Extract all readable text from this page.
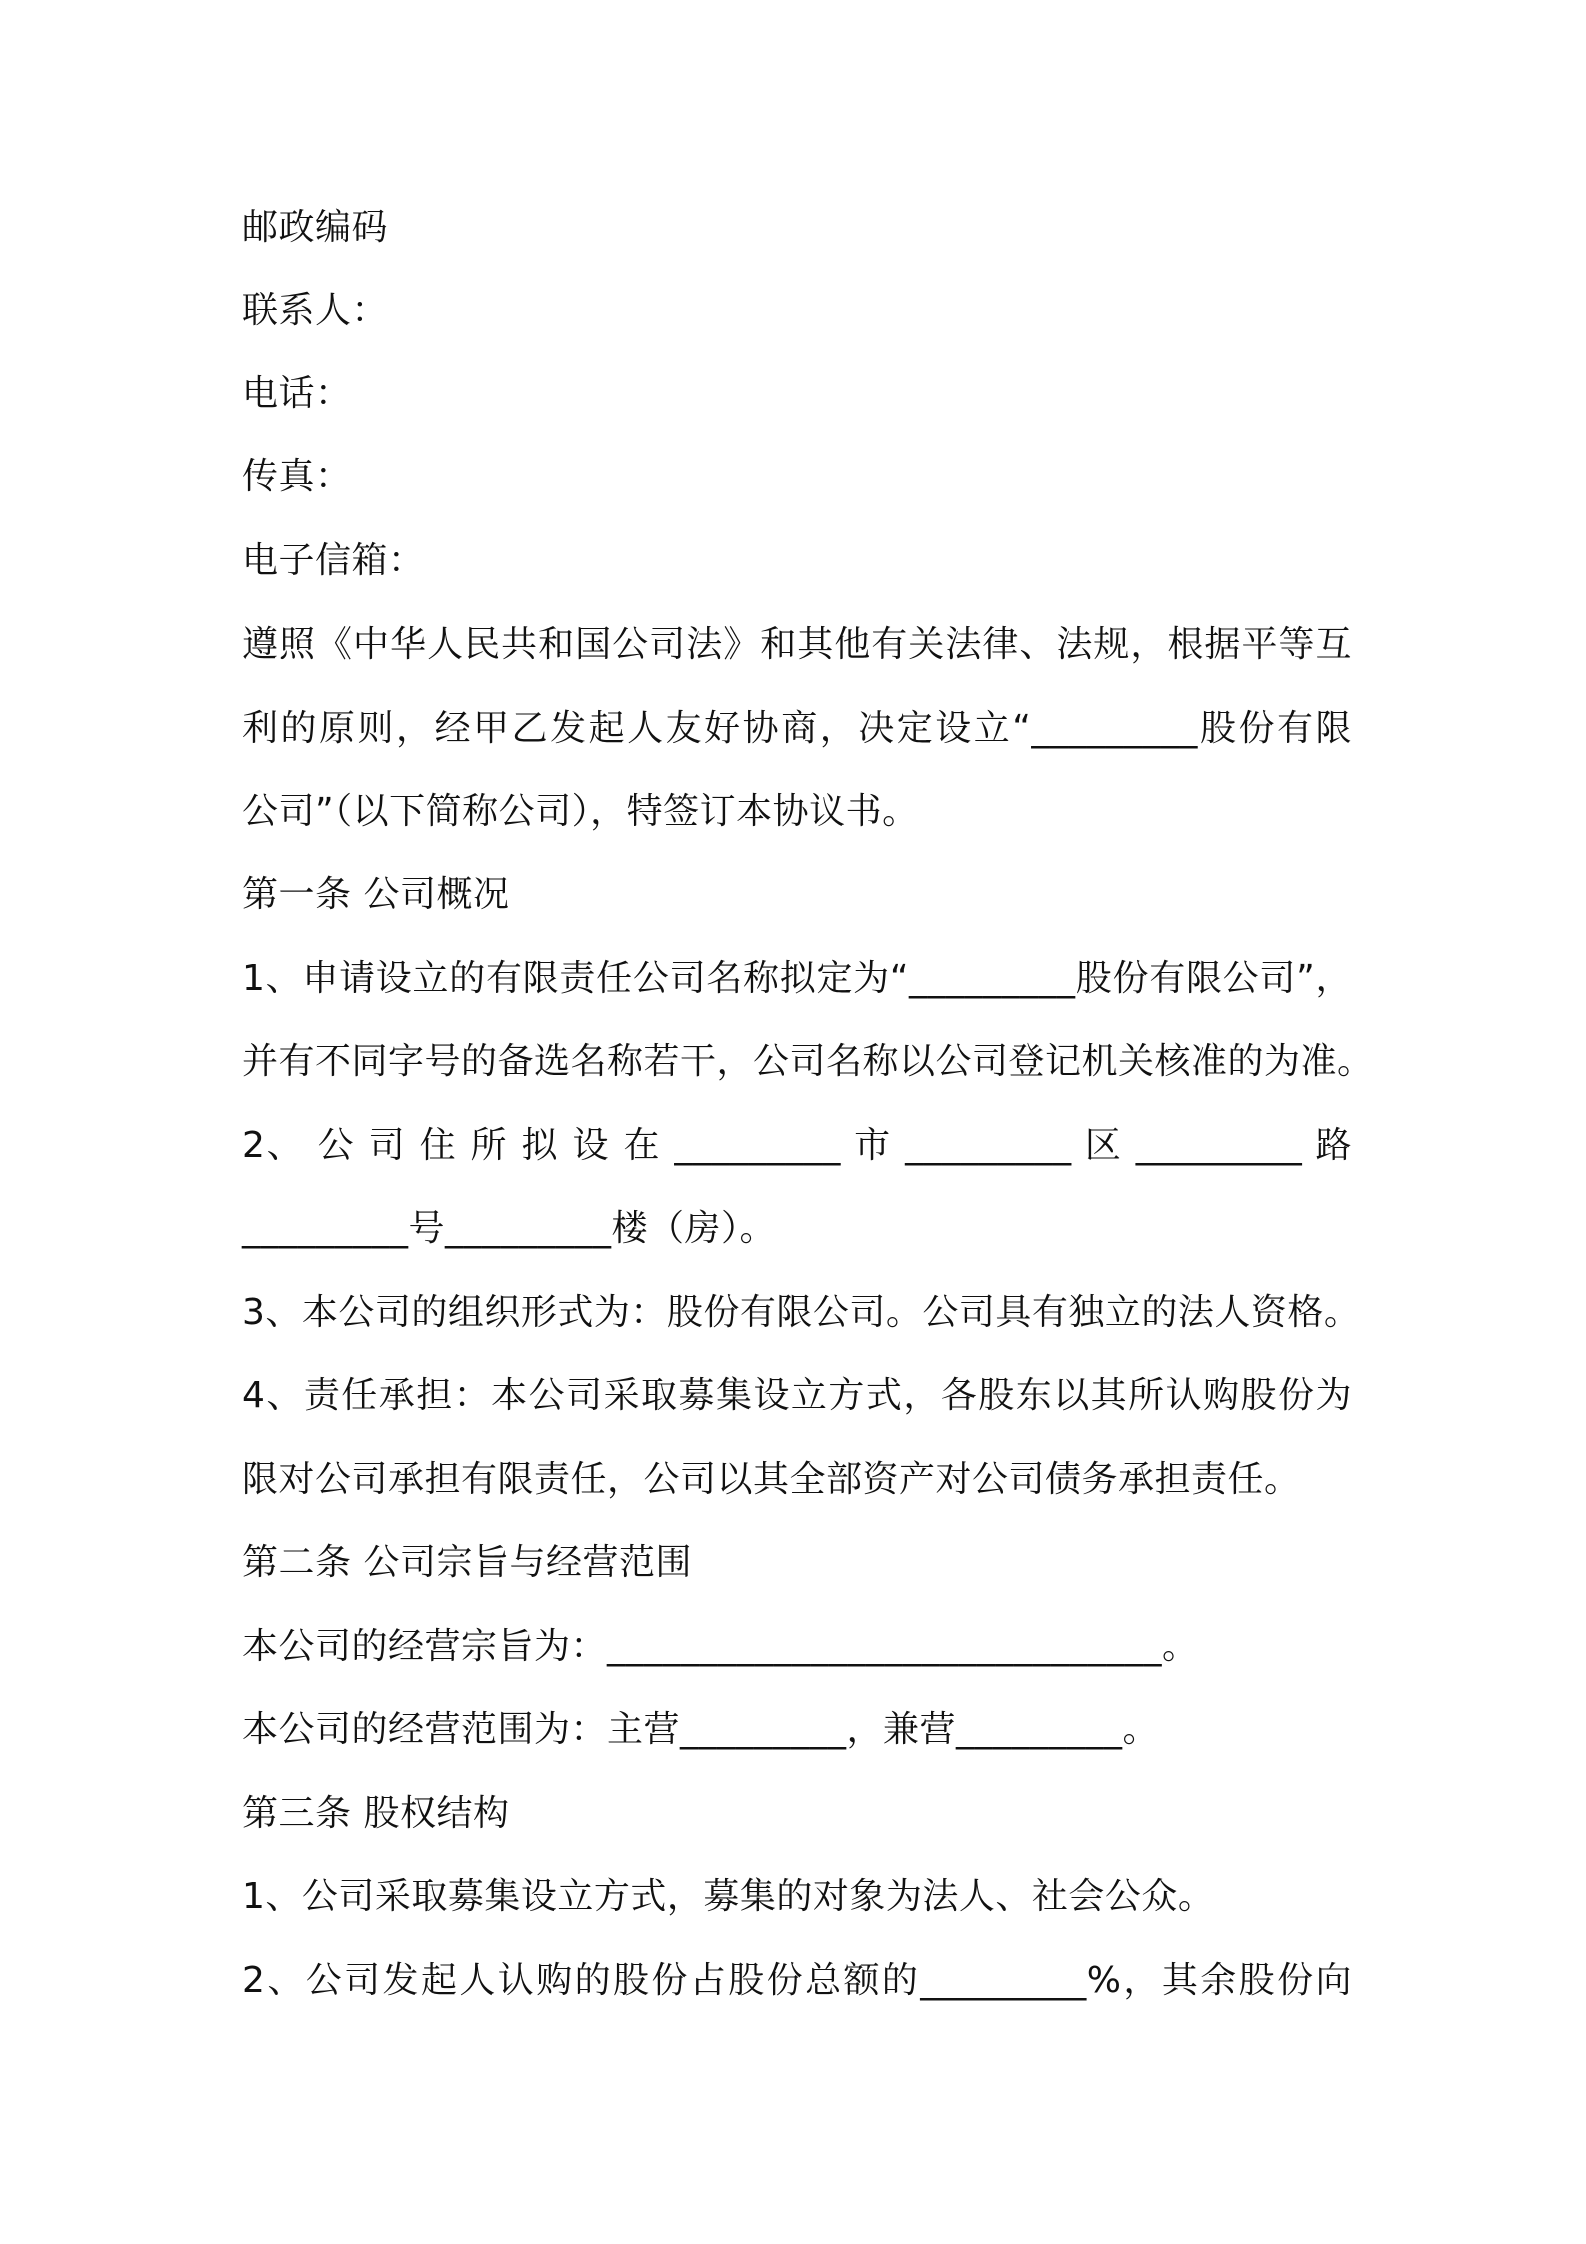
邮政编码
联系人：
电话：
传真：
电子信箱：
遵照《中华人民共和国公司法》和其他有关法律、法规，根据平等互
利的原则，经甲乙发起人友好协商，决定设立“_________股份有限
公司”（以下简称公司），特签订本协议书。
第一条 公司概况
1、申请设立的有限责任公司名称拟定为“_________股份有限公司”，
并有不同字号的备选名称若干，公司名称以公司登记机关核准的为准。
2、 公 司 住 所 拟 设 在 _________ 市 _________ 区 _________ 路
_________号_________楼（房）。
3、本公司的组织形式为：股份有限公司。公司具有独立的法人资格。
4、责任承担：本公司采取募集设立方式，各股东以其所认购股份为
限对公司承担有限责任，公司以其全部资产对公司债务承担责任。
第二条 公司宗旨与经营范围
本公司的经营宗旨为：______________________________。
本公司的经营范围为：主营_________，兼营_________。
第三条 股权结构
1、公司采取募集设立方式，募集的对象为法人、社会公众。
2、公司发起人认购的股份占股份总额的_________%，其余股份向
